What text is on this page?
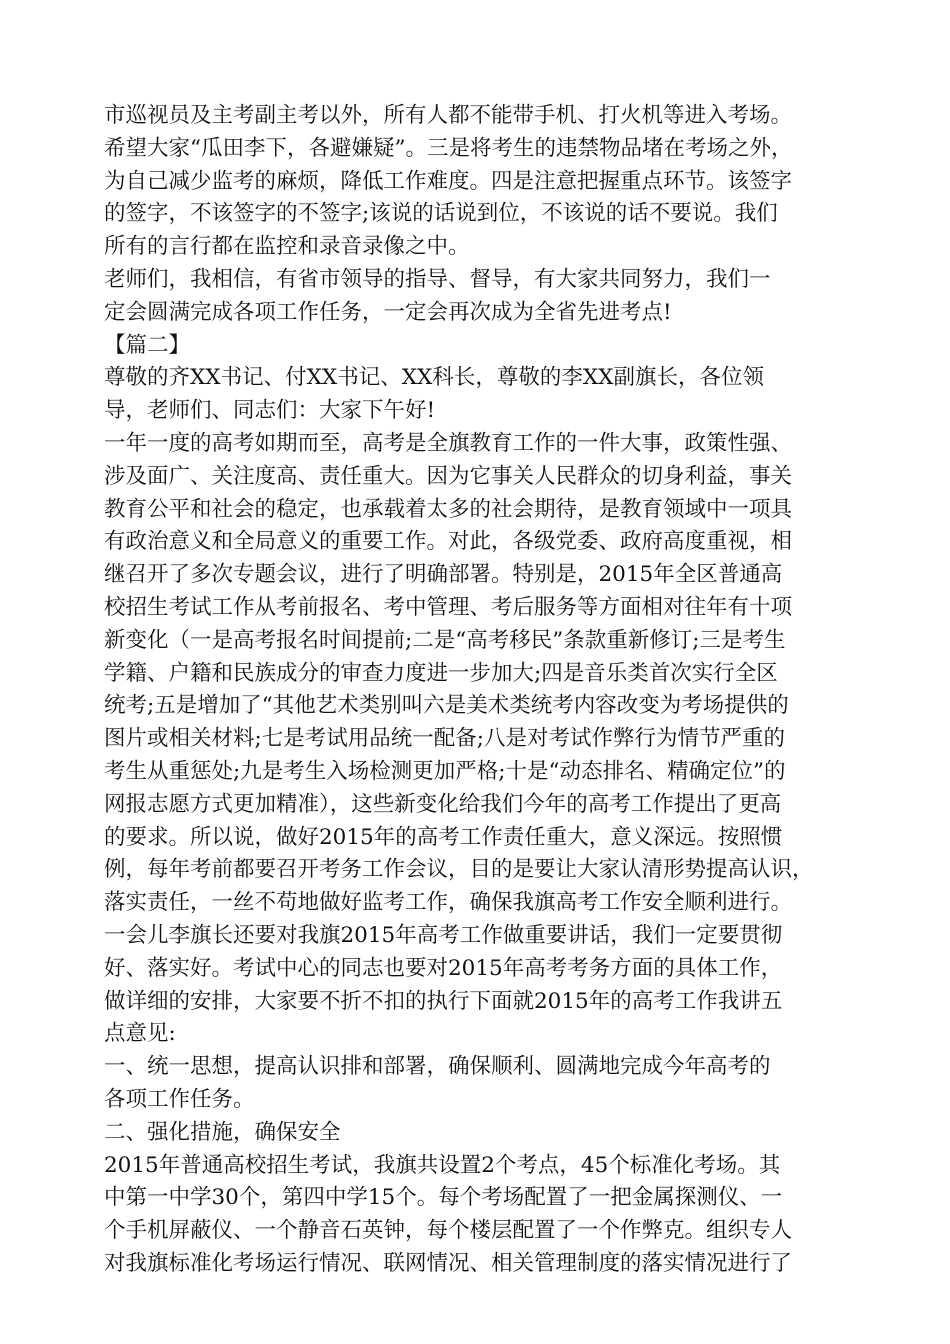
市巡视员及主考副主考以外，所有人都不能带手机、打火机等进入考场。
希望大家“瓜田李下，各避嫌疑”。三是将考生的违禁物品堵在考场之外，
为自己减少监考的麻烦，降低工作难度。四是注意把握重点环节。该签字
的签字，不该签字的不签字;该说的话说到位，不该说的话不要说。我们
所有的言行都在监控和录音录像之中。
老师们，我相信，有省市领导的指导、督导，有大家共同努力，我们一
定会圆满完成各项工作任务，一定会再次成为全省先进考点!
【篇二】
尊敬的齐XX书记、付XX书记、XX科长，尊敬的李XX副旗长，各位领
导，老师们、同志们：大家下午好!
一年一度的高考如期而至，高考是全旗教育工作的一件大事，政策性强、
涉及面广、关注度高、责任重大。因为它事关人民群众的切身利益，事关
教育公平和社会的稳定，也承载着太多的社会期待，是教育领域中一项具
有政治意义和全局意义的重要工作。对此，各级党委、政府高度重视，相
继召开了多次专题会议，进行了明确部署。特别是，2015年全区普通高
校招生考试工作从考前报名、考中管理、考后服务等方面相对往年有十项
新变化（一是高考报名时间提前;二是“高考移民”条款重新修订;三是考生
学籍、户籍和民族成分的审查力度进一步加大;四是音乐类首次实行全区
统考;五是增加了“其他艺术类别叫六是美术类统考内容改变为考场提供的
图片或相关材料;七是考试用品统一配备;八是对考试作弊行为情节严重的
考生从重惩处;九是考生入场检测更加严格;十是“动态排名、精确定位”的
网报志愿方式更加精准），这些新变化给我们今年的高考工作提出了更高
的要求。所以说，做好2015年的高考工作责任重大，意义深远。按照惯
例，每年考前都要召开考务工作会议，目的是要让大家认清形势提高认识，
落实责任，一丝不苟地做好监考工作，确保我旗高考工作安全顺利进行。
一会儿李旗长还要对我旗2015年高考工作做重要讲话，我们一定要贯彻
好、落实好。考试中心的同志也要对2015年高考考务方面的具体工作，
做详细的安排，大家要不折不扣的执行下面就2015年的高考工作我讲五
点意见:
一、统一思想，提高认识排和部署，确保顺利、圆满地完成今年高考的
各项工作任务。
二、强化措施，确保安全
2015年普通高校招生考试，我旗共设置2个考点，45个标准化考场。其
中第一中学30个，第四中学15个。每个考场配置了一把金属探测仪、一
个手机屏蔽仪、一个静音石英钟，每个楼层配置了一个作弊克。组织专人
对我旗标准化考场运行情况、联网情况、相关管理制度的落实情况进行了
